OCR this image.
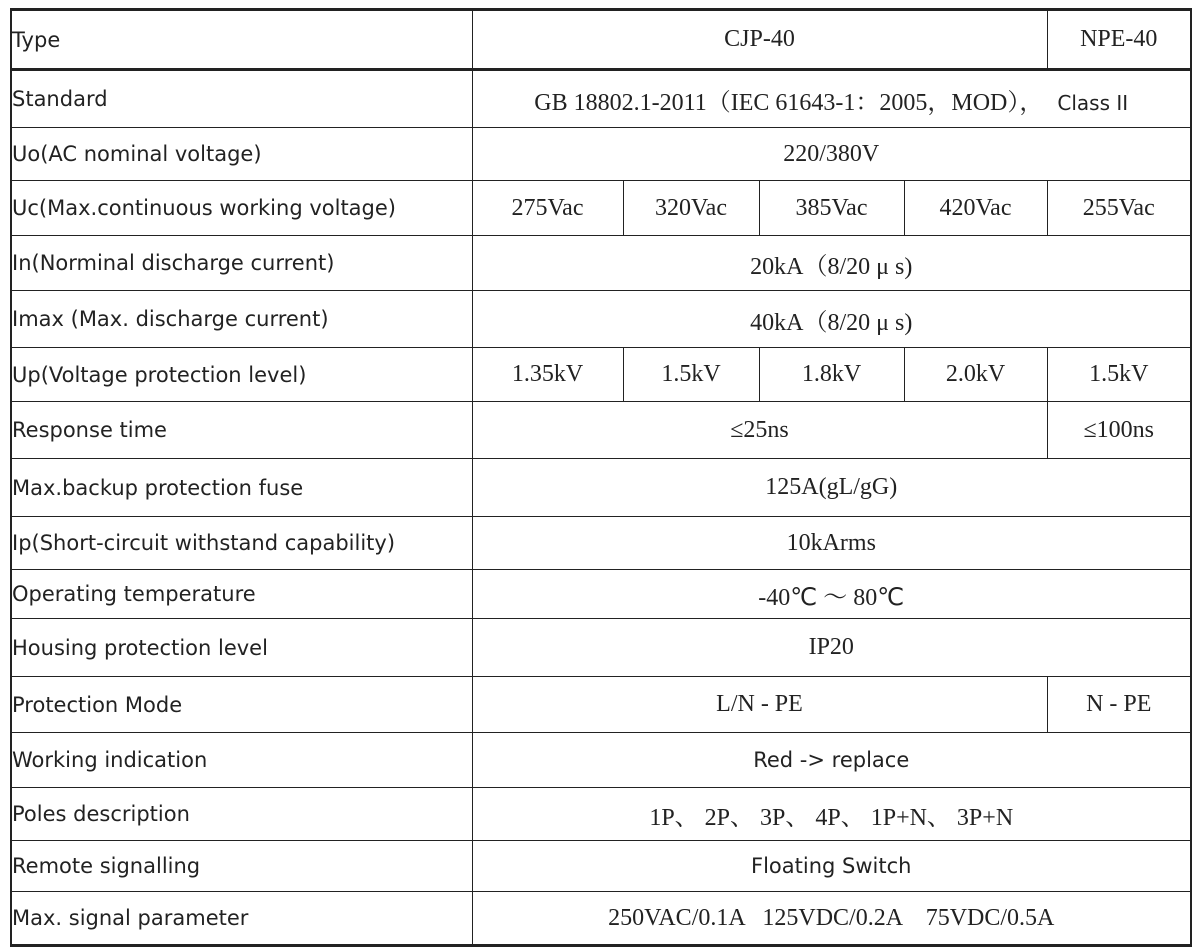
Type	CJP-40				NPE-40
Standard	GB 18802.1-2011（IEC 61643-1：2005，MOD）， Class II				
Uo(AC nominal voltage)	220/380V				
Uc(Max.continuous working voltage)	275Vac	320Vac	385Vac	420Vac	255Vac
In(Norminal discharge current)	20kA（8/20 μ s)				
Imax (Max. discharge current)	40kA（8/20 μ s)				
Up(Voltage protection level)	1.35kV	1.5kV	1.8kV	2.0kV	1.5kV
Response time	≤25ns				≤100ns
Max.backup protection fuse	125A(gL/gG)				
Ip(Short-circuit withstand capability)	10kArms				
Operating temperature	-40℃ ～ 80℃				
Housing protection level	IP20				
Protection Mode	L/N - PE				N - PE
Working indication	Red -> replace				
Poles description	1P、 2P、 3P、 4P、 1P+N、 3P+N				
Remote signalling	Floating Switch				
Max. signal parameter	250VAC/0.1A   125VDC/0.2A    75VDC/0.5A				
